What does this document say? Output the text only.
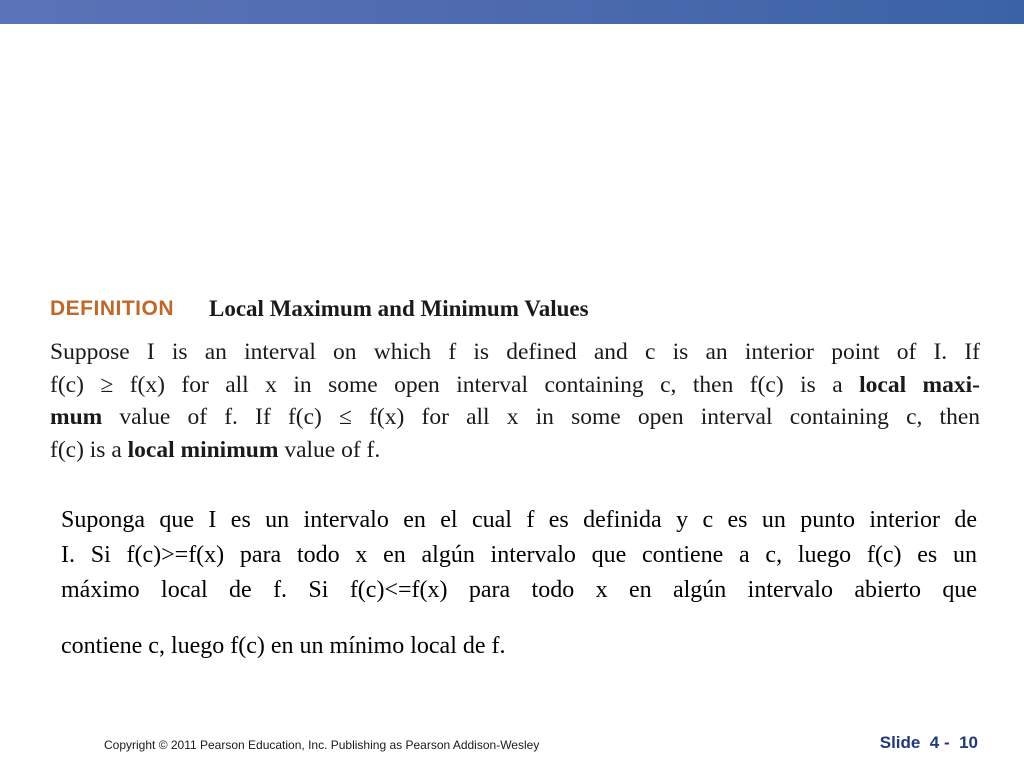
DEFINITION Local Maximum and Minimum Values
Suppose I is an interval on which f is defined and c is an interior point of I. If
f(c) ≥ f(x) for all x in some open interval containing c, then f(c) is a local maxi-
mum value of f. If f(c) ≤ f(x) for all x in some open interval containing c, then
f(c) is a local minimum value of f.
Suponga que I es un intervalo en el cual f es definida y c es un punto interior de
I. Si f(c)>=f(x) para todo x en algún intervalo que contiene a c, luego f(c) es un
máximo local de f. Si f(c)<=f(x) para todo x en algún intervalo abierto que
contiene c, luego f(c) en un mínimo local de f.
Copyright © 2011 Pearson Education, Inc. Publishing as Pearson Addison-Wesley	Slide  4 -  10
